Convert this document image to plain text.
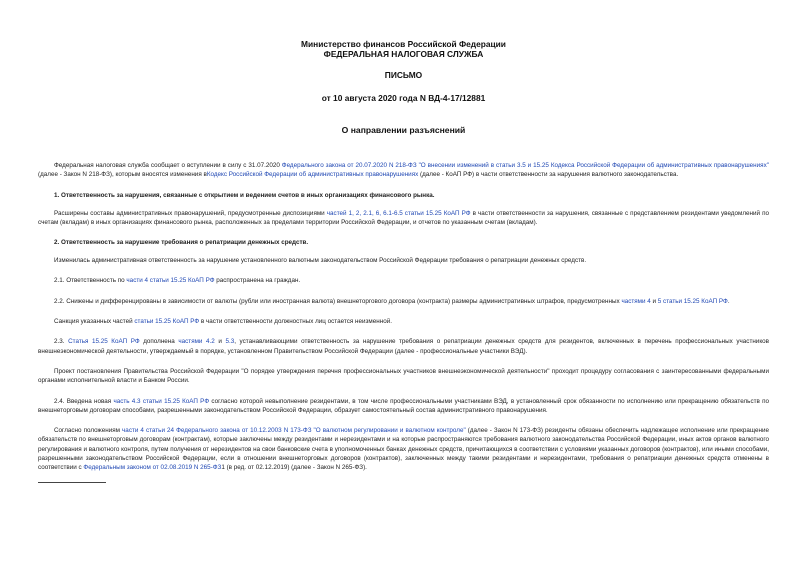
Министерство финансов Российской Федерации
ФЕДЕРАЛЬНАЯ НАЛОГОВАЯ СЛУЖБА
ПИСЬМО
от 10 августа 2020 года N ВД-4-17/12881
О направлении разъяснений

Федеральная налоговая служба сообщает о вступлении в силу с 31.07.2020 Федерального закона от 20.07.2020 N 218-ФЗ "О внесении изменений в статьи 3.5 и 15.25 Кодекса Российской Федерации об административных правонарушениях" (далее - Закон N 218-ФЗ), которым вносятся изменения вКодекс Российской Федерации об административных правонарушениях (далее - КоАП РФ) в части ответственности за нарушения валютного законодательства.

1. Ответственность за нарушения, связанные с открытием и ведением счетов в иных организациях финансового рынка.

Расширены составы административных правонарушений, предусмотренные диспозициями частей 1, 2, 2.1, 6, 6.1-6.5 статьи 15.25 КоАП РФ в части ответственности за нарушения, связанные с представлением резидентами уведомлений по счетам (вкладам) в иных организациях финансового рынка, расположенных за пределами территории Российской Федерации, и отчетов по указанным счетам (вкладам).

2. Ответственность за нарушение требования о репатриации денежных средств.

Изменилась административная ответственность за нарушение установленного валютным законодательством Российской Федерации требования о репатриации денежных средств.

2.1. Ответственность по части 4 статьи 15.25 КоАП РФ распространена на граждан.

2.2. Снижены и дифференцированы в зависимости от валюты (рубли или иностранная валюта) внешнеторгового договора (контракта) размеры административных штрафов, предусмотренных частями 4 и 5 статьи 15.25 КоАП РФ.

Санкция указанных частей статьи 15.25 КоАП РФ в части ответственности должностных лиц остается неизменной.

2.3. Статья 15.25 КоАП РФ дополнена частями 4.2 и 5.3, устанавливающими ответственность за нарушение требования о репатриации денежных средств для резидентов, включенных в перечень профессиональных участников внешнеэкономической деятельности, утверждаемый в порядке, установленном Правительством Российской Федерации (далее - профессиональные участники ВЭД).

Проект постановления Правительства Российской Федерации "О порядке утверждения перечня профессиональных участников внешнеэкономической деятельности" проходит процедуру согласования с заинтересованными федеральными органами исполнительной власти и Банком России.

2.4. Введена новая часть 4.3 статьи 15.25 КоАП РФ согласно которой невыполнение резидентами, в том числе профессиональными участниками ВЭД, в установленный срок обязанности по исполнению или прекращению обязательств по внешнеторговым договорам способами, разрешенными законодательством Российской Федерации, образует самостоятельный состав административного правонарушения.

Согласно положениям части 4 статьи 24 Федерального закона от 10.12.2003 N 173-ФЗ "О валютном регулировании и валютном контроле" (далее - Закон N 173-ФЗ) резиденты обязаны обеспечить надлежащее исполнение или прекращение обязательств по внешнеторговым договорам (контрактам), которые заключены между резидентами и нерезидентами и на которые распространяются требования валютного законодательства Российской Федерации, иных актов органов валютного регулирования и валютного контроля, путем получения от нерезидентов на свои банковские счета в уполномоченных банках денежных средств, причитающихся в соответствии с условиями указанных договоров (контрактов), или иными способами, разрешенными законодательством Российской Федерации, если в отношении внешнеторговых договоров (контрактов), заключенных между такими резидентами и нерезидентами, требования о репатриации денежных средств отменены в соответствии с Федеральным законом от 02.08.2019 N 265-ФЗ1 (в ред. от 02.12.2019) (далее - Закон N 265-ФЗ).
